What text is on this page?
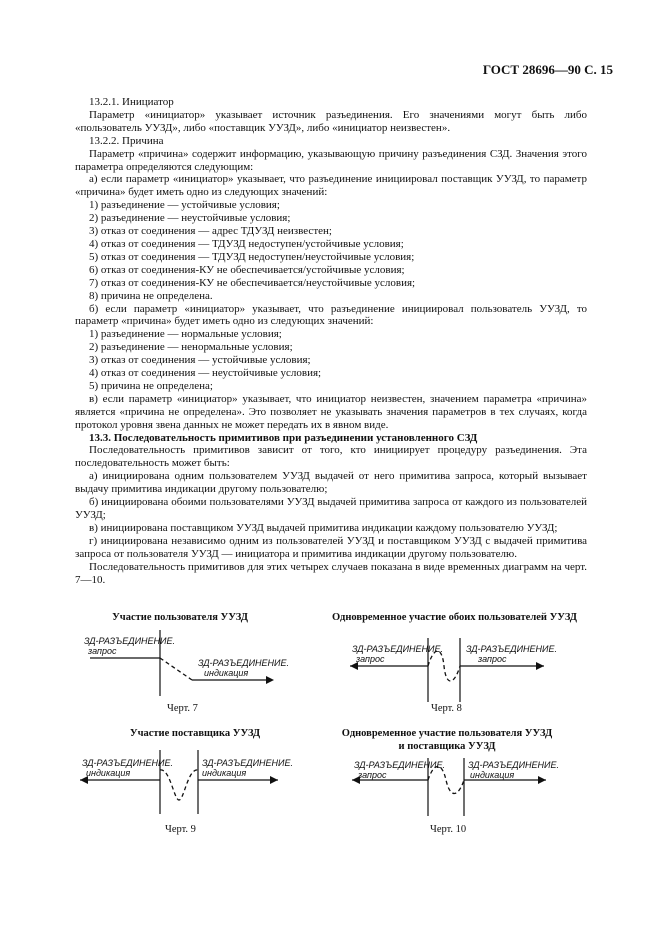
ГОСТ 28696—90 С. 15

13.2.1. Инициатор

Параметр «инициатор» указывает источник разъединения. Его значениями могут быть либо «пользователь УУЗД», либо «поставщик УУЗД», либо «инициатор неизвестен».

13.2.2. Причина

Параметр «причина» содержит информацию, указывающую причину разъединения СЗД. Значения этого параметра определяются следующим:

а) если параметр «инициатор» указывает, что разъединение инициировал поставщик УУЗД, то параметр «причина» будет иметь одно из следующих значений:

1) разъединение — устойчивые условия;

2) разъединение — неустойчивые условия;

3) отказ от соединения — адрес ТДУЗД неизвестен;

4) отказ от соединения — ТДУЗД недоступен/устойчивые условия;

5) отказ от соединения — ТДУЗД недоступен/неустойчивые условия;

6) отказ от соединения-КУ не обеспечивается/устойчивые условия;

7) отказ от соединения-КУ не обеспечивается/неустойчивые условия;

8) причина не определена.

б) если параметр «инициатор» указывает, что разъединение инициировал пользователь УУЗД, то параметр «причина» будет иметь одно из следующих значений:

1) разъединение — нормальные условия;

2) разъединение — ненормальные условия;

3) отказ от соединения — устойчивые условия;

4) отказ от соединения — неустойчивые условия;

5) причина не определена;

в) если параметр «инициатор» указывает, что инициатор неизвестен, значением параметра «причина» является «причина не определена». Это позволяет не указывать значения параметров в тех случаях, когда протокол уровня звена данных не может передать их в явном виде.

13.3. Последовательность примитивов при разъединении установленного СЗД

Последовательность примитивов зависит от того, кто инициирует процедуру разъединения. Эта последовательность может быть:

а) инициирована одним пользователем УУЗД выдачей от него примитива запроса, который вызывает выдачу примитива индикации другому пользователю;

б) инициирована обоими пользователями УУЗД выдачей примитива запроса от каждого из пользователей УУЗД;

в) инициирована поставщиком УУЗД выдачей примитива индикации каждому пользователю УУЗД;

г) инициирована независимо одним из пользователей УУЗД и поставщиком УУЗД с выдачей примитива запроса от пользователя УУЗД — инициатора и примитива индикации другому пользователю.

Последовательность примитивов для этих четырех случаев показана в виде временных диаграмм на черт. 7—10.

Участие пользователя УУЗД
ЗД-РАЗЪЕДИНЕНИЕ.
запрос
ЗД-РАЗЪЕДИНЕНИЕ.
индикация
Черт. 7
Одновременное участие обоих пользователей УУЗД
ЗД-РАЗЪЕДИНЕНИЕ.
запрос
ЗД-РАЗЪЕДИНЕНИЕ.
запрос
Черт. 8
Участие поставщика УУЗД
ЗД-РАЗЪЕДИНЕНИЕ.
индикация
ЗД-РАЗЪЕДИНЕНИЕ.
индикация
Черт. 9
Одновременное участие пользователя УУЗД
и поставщика УУЗД
ЗД-РАЗЪЕДИНЕНИЕ.
запрос
ЗД-РАЗЪЕДИНЕНИЕ.
индикация
Черт. 10
